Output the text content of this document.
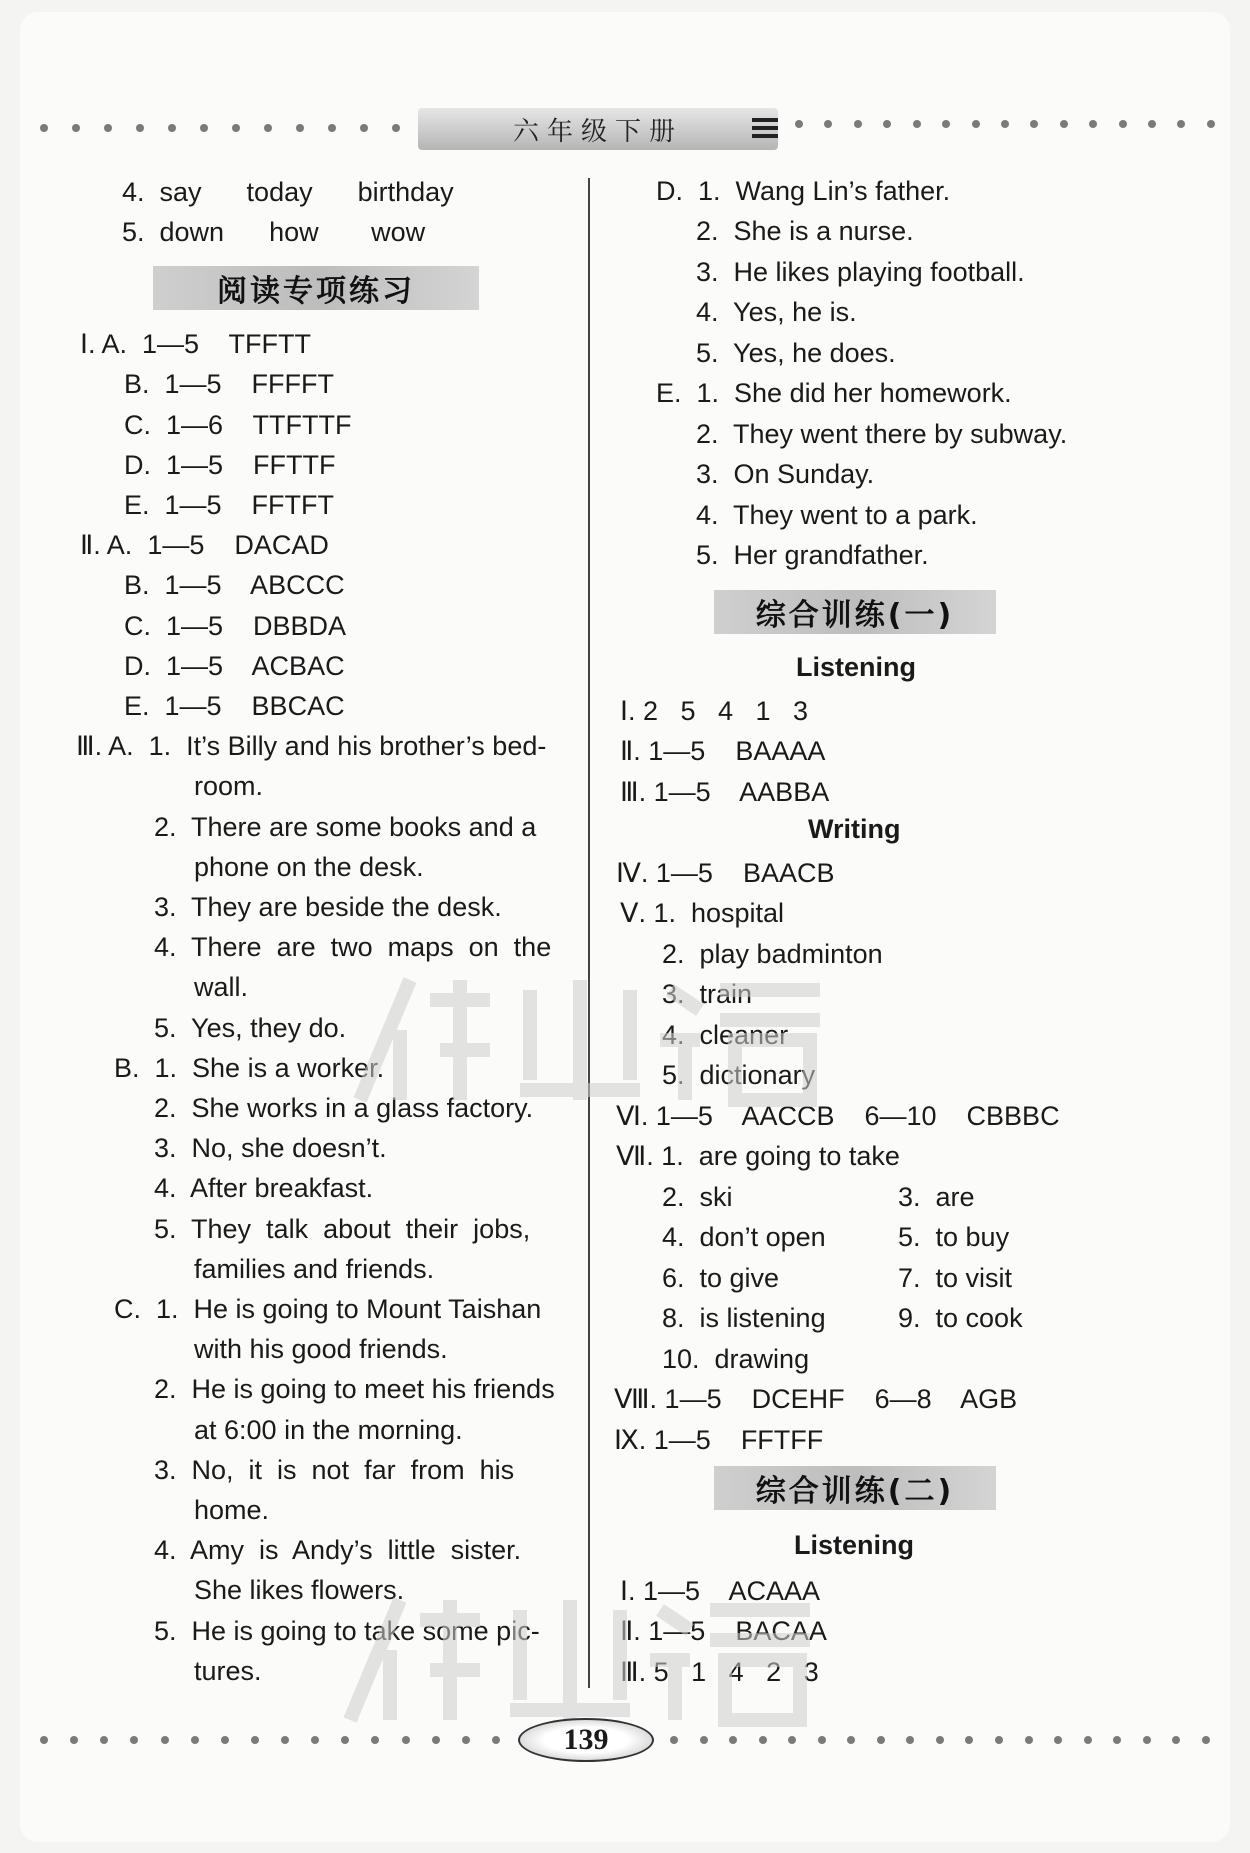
六年级下册
阅读专项练习
综合训练(一)
综合训练(二)
Listening
Writing
Listening
4.  say      today      birthday
5.  down      how       wow
Ⅰ. A.  1—5    TFFTT
B.  1—5    FFFFT
C.  1—6    TTFTTF
D.  1—5    FFTTF
E.  1—5    FFTFT
Ⅱ. A.  1—5    DACAD
B.  1—5    ABCCC
C.  1—5    DBBDA
D.  1—5    ACBAC
E.  1—5    BBCAC
Ⅲ. A.  1.  It’s Billy and his brother’s bed-
room.
2.  There are some books and a
phone on the desk.
3.  They are beside the desk.
4.  There  are  two  maps  on  the
wall.
5.  Yes, they do.
B.  1.  She is a worker.
2.  She works in a glass factory.
3.  No, she doesn’t.
4.  After breakfast.
5.  They  talk  about  their  jobs,
families and friends.
C.  1.  He is going to Mount Taishan
with his good friends.
2.  He is going to meet his friends
at 6:00 in the morning.
3.  No,  it  is  not  far  from  his
home.
4.  Amy  is  Andy’s  little  sister.
She likes flowers.
5.  He is going to take some pic-
tures.
D.  1.  Wang Lin’s father.
2.  She is a nurse.
3.  He likes playing football.
4.  Yes, he is.
5.  Yes, he does.
E.  1.  She did her homework.
2.  They went there by subway.
3.  On Sunday.
4.  They went to a park.
5.  Her grandfather.
Ⅰ. 2   5   4   1   3
Ⅱ. 1—5    BAAAA
Ⅲ. 1—5    AABBA
Ⅳ. 1—5    BAACB
Ⅴ. 1.  hospital
2.  play badminton
3.  train
4.  cleaner
5.  dictionary
Ⅵ. 1—5    AACCB    6—10    CBBBC
Ⅶ. 1.  are going to take
2.  ski	3.  are
4.  don’t open	5.  to buy
6.  to give	7.  to visit
8.  is listening	9.  to cook
10.  drawing
Ⅷ. 1—5    DCEHF    6—8    AGB
Ⅸ. 1—5    FFTFF
Ⅰ. 1—5    ACAAA
Ⅱ. 1—5    BACAA
Ⅲ. 5   1   4   2   3
139
